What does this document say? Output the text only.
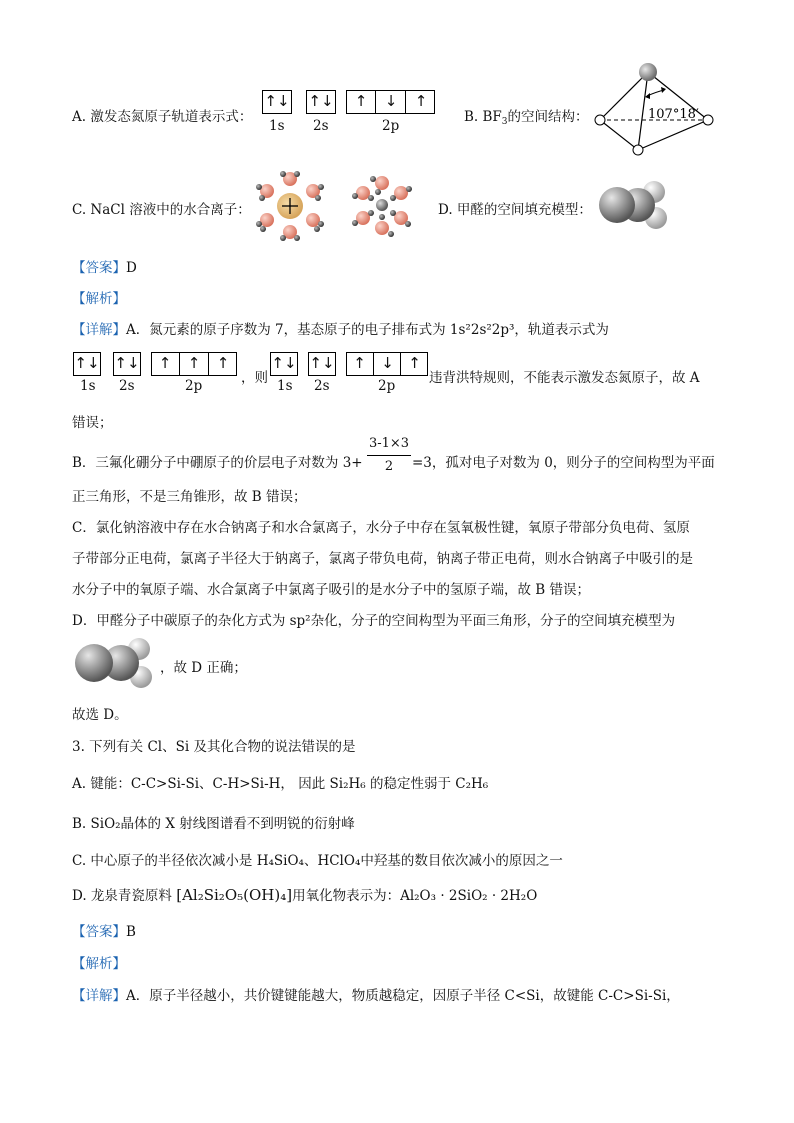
A. 激发态氮原子轨道表示式：
↑↓ ↑↓	↑	↓	↑
1s 2s	2p
B. $BF_3$的空间结构：	107°18′
C. NaCl 溶液中的水合离子：	D. 甲醛的空间填充模型：
【答案】D
【解析】
【详解】A．氮元素的原子序数为 7，基态原子的电子排布式为 1s²2s²2p³，轨道表示式为
↑↓ ↑↓	↑	↑	↑
1s 2s	2p	，则
↑↓ ↑↓	↑	↓ ↑
1s 2s	2p	违背洪特规则，不能表示激发态氮原子，故 A
错误；
B．三氟化硼分子中硼原子的价层电子对数为 3+
3-1×3
2	=3，孤对电子对数为 0，则分子的空间构型为平面
正三角形，不是三角锥形，故 B 错误；
C．氯化钠溶液中存在水合钠离子和水合氯离子，水分子中存在氢氧极性键，氧原子带部分负电荷、氢原
子带部分正电荷，氯离子半径大于钠离子，氯离子带负电荷，钠离子带正电荷，则水合钠离子中吸引的是
水分子中的氧原子端、水合氯离子中氯离子吸引的是水分子中的氢原子端，故 B 错误；
D．甲醛分子中碳原子的杂化方式为 sp²杂化，分子的空间构型为平面三角形，分子的空间填充模型为
，故 D 正确；
故选 D。
3. 下列有关 Cl、Si 及其化合物的说法错误的是
A. 键能：C-C>Si-Si、C-H>Si-H， 因此 Si₂H₆ 的稳定性弱于 C₂H₆
B. SiO₂晶体的 X 射线图谱看不到明锐的衍射峰
C. 中心原子的半径依次减小是 H₄SiO₄、HClO₄中羟基的数目依次减小的原因之一
D. 龙泉青瓷原料 [Al₂Si₂O₅(OH)₄]用氧化物表示为：Al₂O₃ · 2SiO₂ · 2H₂O
【答案】B
【解析】
【详解】A．原子半径越小，共价键键能越大，物质越稳定，因原子半径 C<Si，故键能 C-C>Si-Si，
